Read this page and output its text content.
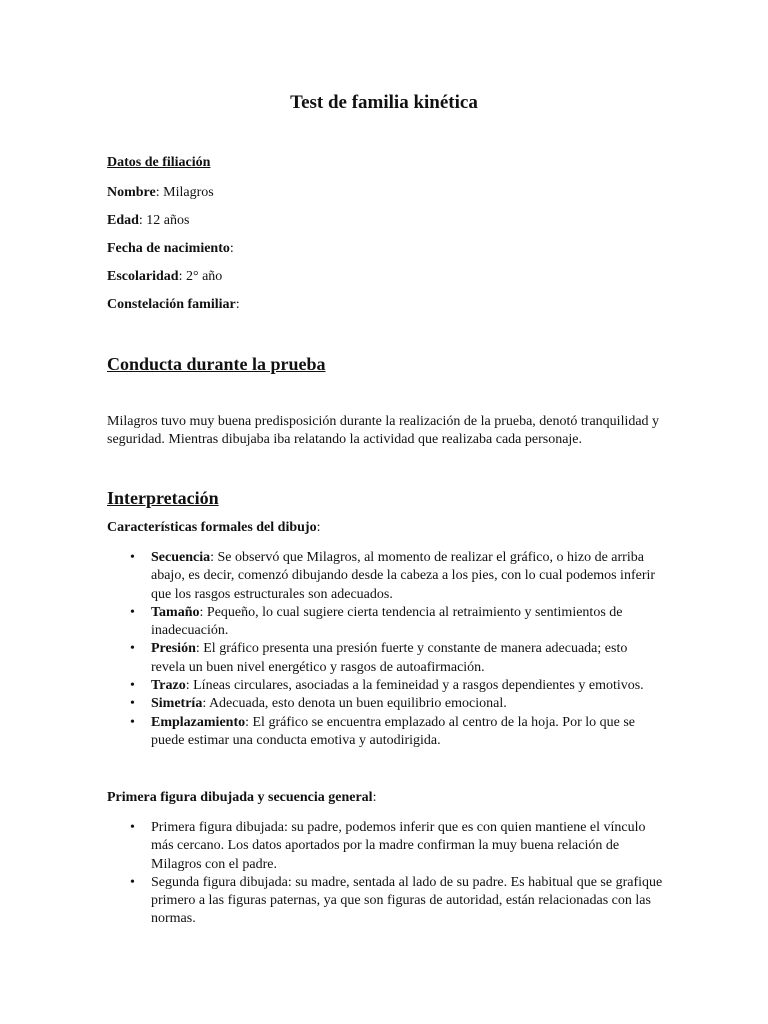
Test de familia kinética
Datos de filiación
Nombre: Milagros
Edad: 12 años
Fecha de nacimiento:
Escolaridad: 2° año
Constelación familiar:
Conducta durante la prueba

Milagros tuvo muy buena predisposición durante la realización de la prueba, denotó tranquilidad y seguridad. Mientras dibujaba iba relatando la actividad que realizaba cada personaje.

Interpretación
Características formales del dibujo:
• Secuencia: Se observó que Milagros, al momento de realizar el gráfico, o hizo de arriba abajo, es decir, comenzó dibujando desde la cabeza a los pies, con lo cual podemos inferir que los rasgos estructurales son adecuados.
• Tamaño: Pequeño, lo cual sugiere cierta tendencia al retraimiento y sentimientos de inadecuación.
• Presión: El gráfico presenta una presión fuerte y constante de manera adecuada; esto revela un buen nivel energético y rasgos de autoafirmación.
• Trazo: Líneas circulares, asociadas a la femineidad y a rasgos dependientes y emotivos.
• Simetría: Adecuada, esto denota un buen equilibrio emocional.
• Emplazamiento: El gráfico se encuentra emplazado al centro de la hoja. Por lo que se puede estimar una conducta emotiva y autodirigida.
Primera figura dibujada y secuencia general:
• Primera figura dibujada: su padre, podemos inferir que es con quien mantiene el vínculo más cercano. Los datos aportados por la madre confirman la muy buena relación de Milagros con el padre.
• Segunda figura dibujada: su madre, sentada al lado de su padre. Es habitual que se grafique primero a las figuras paternas, ya que son figuras de autoridad, están relacionadas con las normas.
